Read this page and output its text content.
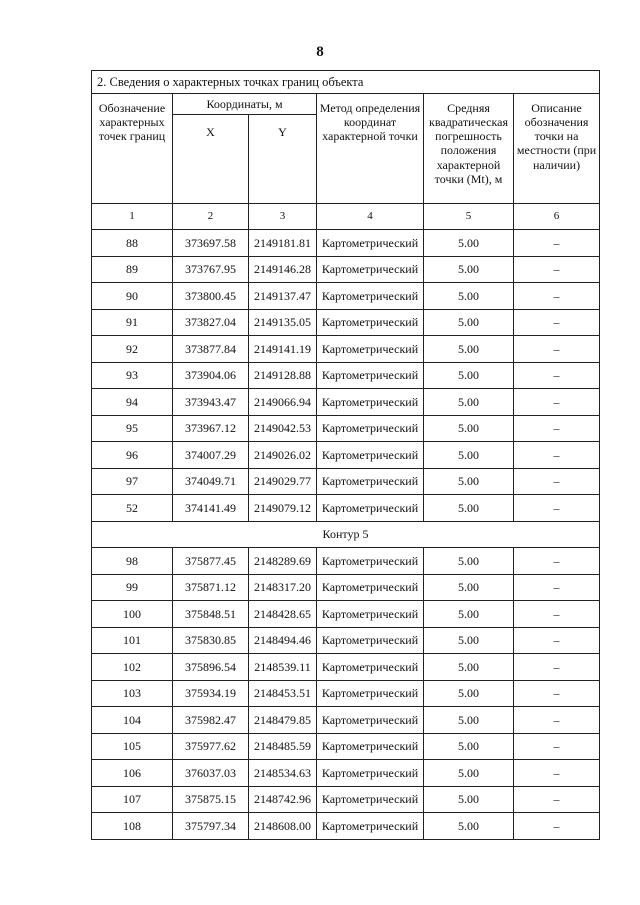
8
2. Сведения о характерных точках границ объекта					
Обозначение характерных точек границ	Координаты, м		Метод определения координат характерной точки	Средняя квадратическая погрешность положения характерной точки (Mt), м	Описание обозначения точки на местности (при наличии)
	X	Y			
1	2	3	4	5	6
88	373697.58	2149181.81	Картометрический	5.00	–
89	373767.95	2149146.28	Картометрический	5.00	–
90	373800.45	2149137.47	Картометрический	5.00	–
91	373827.04	2149135.05	Картометрический	5.00	–
92	373877.84	2149141.19	Картометрический	5.00	–
93	373904.06	2149128.88	Картометрический	5.00	–
94	373943.47	2149066.94	Картометрический	5.00	–
95	373967.12	2149042.53	Картометрический	5.00	–
96	374007.29	2149026.02	Картометрический	5.00	–
97	374049.71	2149029.77	Картометрический	5.00	–
52	374141.49	2149079.12	Картометрический	5.00	–
Контур 5					
98	375877.45	2148289.69	Картометрический	5.00	–
99	375871.12	2148317.20	Картометрический	5.00	–
100	375848.51	2148428.65	Картометрический	5.00	–
101	375830.85	2148494.46	Картометрический	5.00	–
102	375896.54	2148539.11	Картометрический	5.00	–
103	375934.19	2148453.51	Картометрический	5.00	–
104	375982.47	2148479.85	Картометрический	5.00	–
105	375977.62	2148485.59	Картометрический	5.00	–
106	376037.03	2148534.63	Картометрический	5.00	–
107	375875.15	2148742.96	Картометрический	5.00	–
108	375797.34	2148608.00	Картометрический	5.00	–
